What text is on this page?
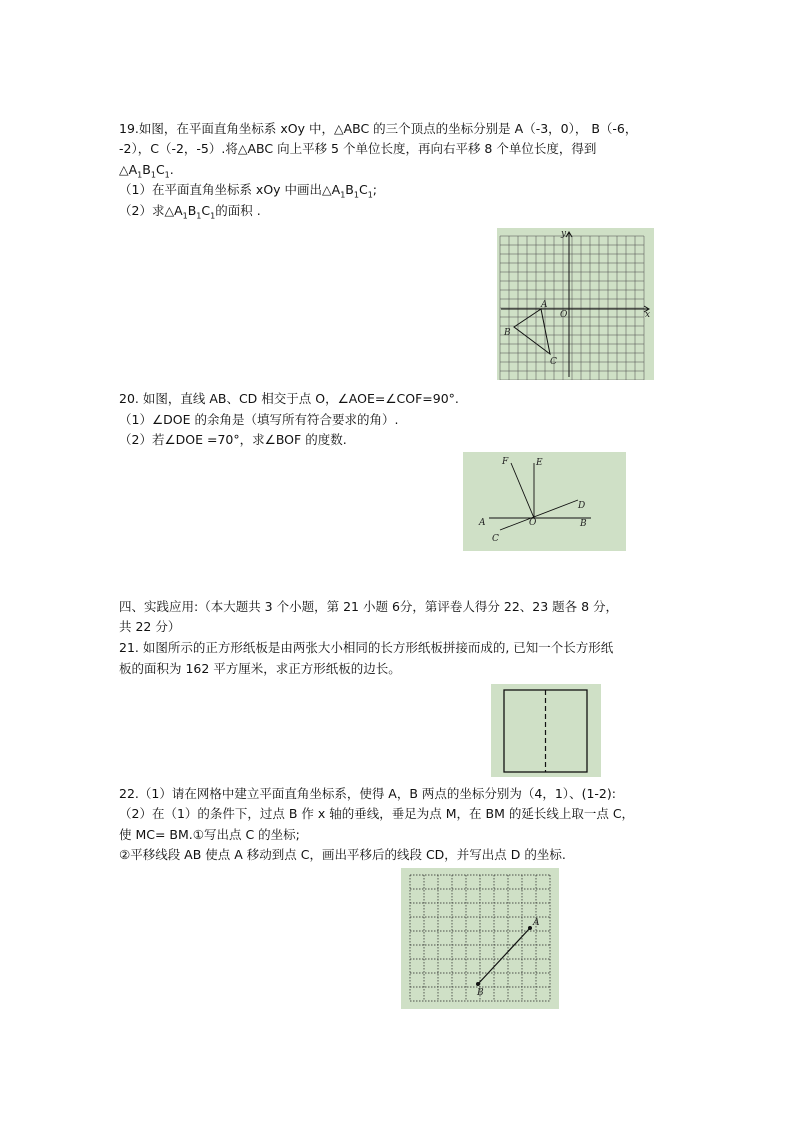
19.如图，在平面直角坐标系 xOy 中，△ABC 的三个顶点的坐标分别是 A（-3，0）， B（-6，
-2），C（-2，-5）.将△ABC 向上平移 5 个单位长度，再向右平移 8 个单位长度，得到
$\triangle A_1B_1C_1$.
（1）在平面直角坐标系 xOy 中画出$\triangle A_1B_1C_1$;
（2）求$\triangle A_1B_1C_1$的面积 .
x
y
O
A
B
C
20. 如图，直线 AB、CD 相交于点 O，∠AOE=∠COF=90°.
（1）∠DOE 的余角是（填写所有符合要求的角）.
（2）若∠DOE =70°，求∠BOF 的度数.
F	E
D
A	O	B
C
四、实践应用:（本大题共 3 个小题，第 21 小题 6分，第评卷人得分 22、23 题各 8 分，
共 22 分）
21. 如图所示的正方形纸板是由两张大小相同的长方形纸板拼接而成的, 已知一个长方形纸
板的面积为 162 平方厘米，求正方形纸板的边长。
22.（1）请在网格中建立平面直角坐标系，使得 A，B 两点的坐标分别为（4，1）、(1-2):
（2）在（1）的条件下，过点 B 作 x 轴的垂线，垂足为点 M，在 BM 的延长线上取一点 C，
使 MC= BM.①写出点 C 的坐标;
②平移线段 AB 使点 A 移动到点 C，画出平移后的线段 CD，并写出点 D 的坐标.
A
B
